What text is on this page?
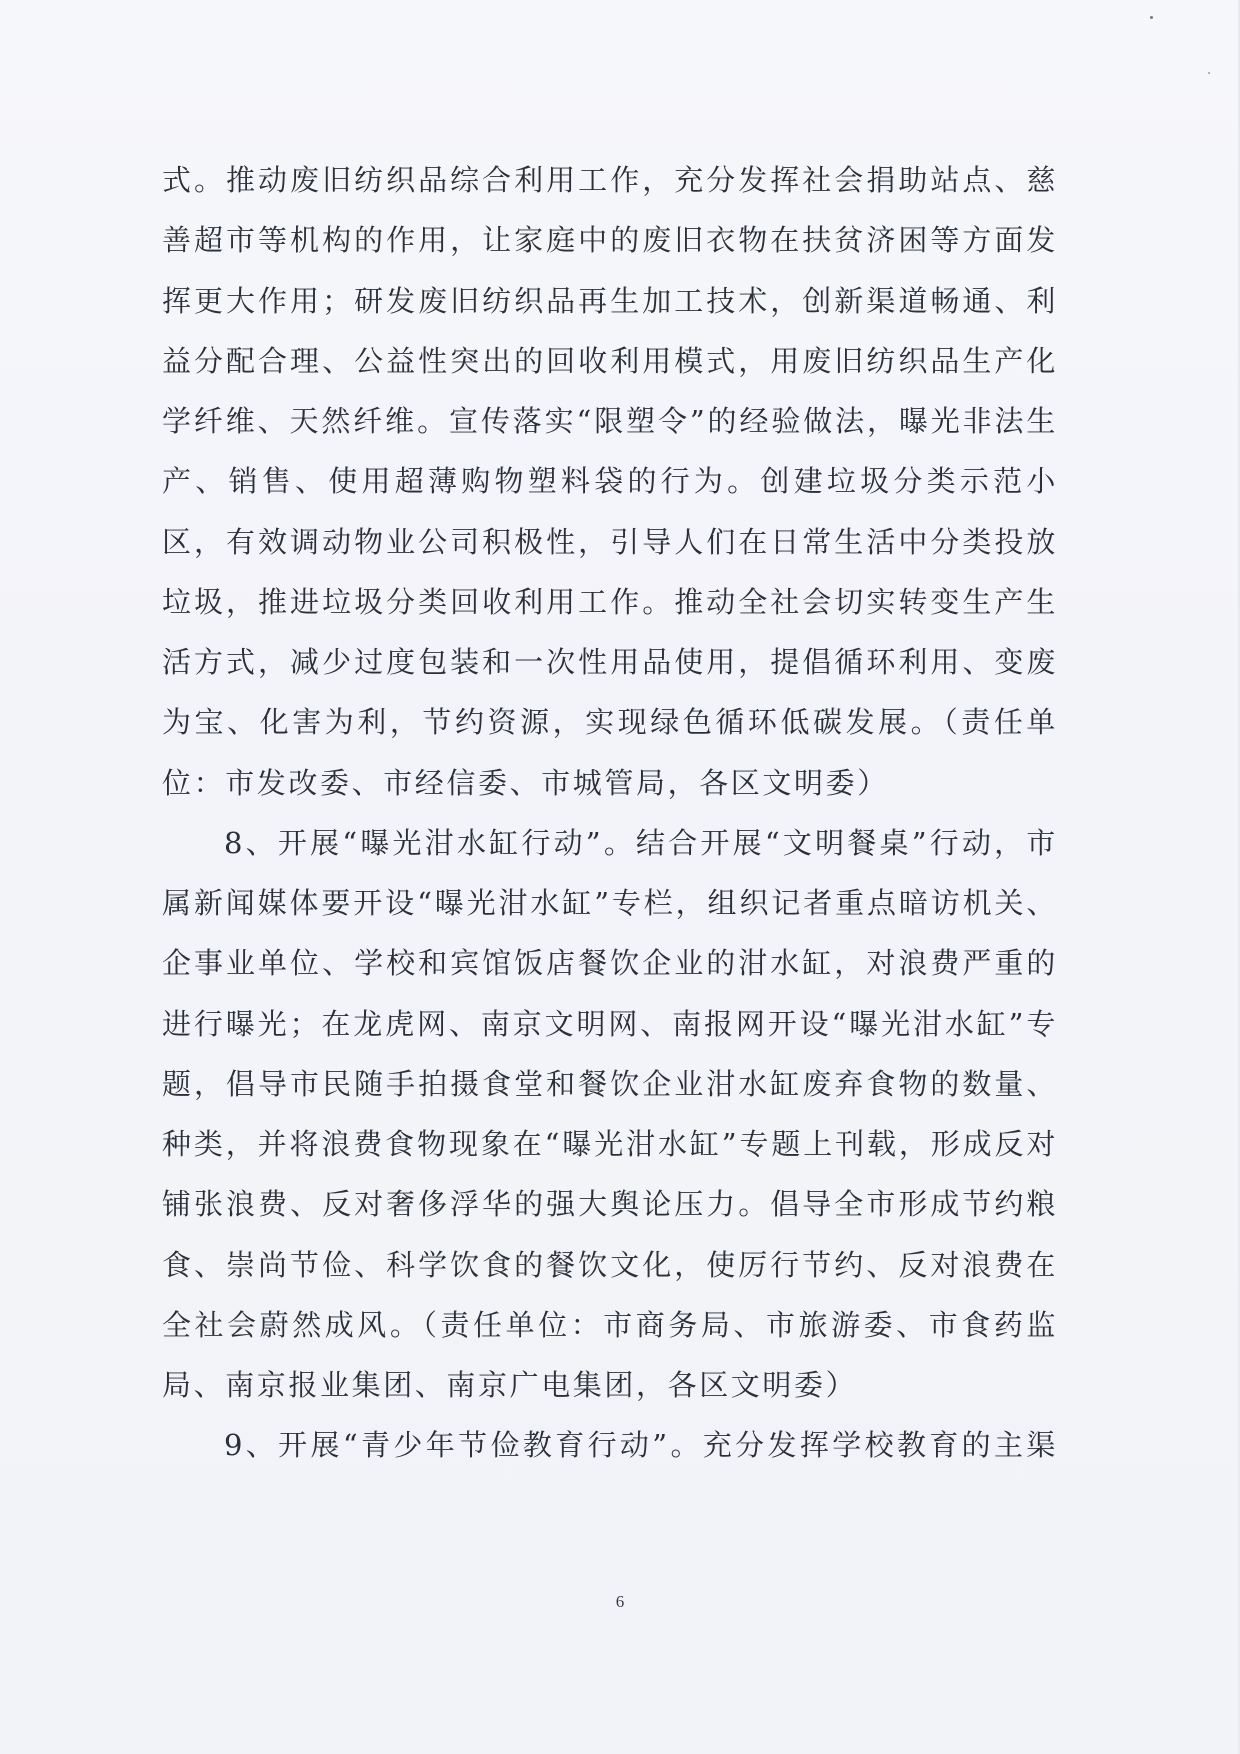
式。推动废旧纺织品综合利用工作，充分发挥社会捐助站点、慈善超市等机构的作用，让家庭中的废旧衣物在扶贫济困等方面发挥更大作用；研发废旧纺织品再生加工技术，创新渠道畅通、利益分配合理、公益性突出的回收利用模式，用废旧纺织品生产化学纤维、天然纤维。宣传落实“限塑令”的经验做法，曝光非法生产、销售、使用超薄购物塑料袋的行为。创建垃圾分类示范小区，有效调动物业公司积极性，引导人们在日常生活中分类投放垃圾，推进垃圾分类回收利用工作。推动全社会切实转变生产生活方式，减少过度包装和一次性用品使用，提倡循环利用、变废为宝、化害为利，节约资源，实现绿色循环低碳发展。（责任单位：市发改委、市经信委、市城管局，各区文明委）

8、开展“曝光泔水缸行动”。结合开展“文明餐桌”行动，市属新闻媒体要开设“曝光泔水缸”专栏，组织记者重点暗访机关、企事业单位、学校和宾馆饭店餐饮企业的泔水缸，对浪费严重的进行曝光；在龙虎网、南京文明网、南报网开设“曝光泔水缸”专题，倡导市民随手拍摄食堂和餐饮企业泔水缸废弃食物的数量、种类，并将浪费食物现象在“曝光泔水缸”专题上刊载，形成反对铺张浪费、反对奢侈浮华的强大舆论压力。倡导全市形成节约粮食、崇尚节俭、科学饮食的餐饮文化，使厉行节约、反对浪费在全社会蔚然成风。（责任单位：市商务局、市旅游委、市食药监局、南京报业集团、南京广电集团，各区文明委）

9、开展“青少年节俭教育行动”。充分发挥学校教育的主渠

6
